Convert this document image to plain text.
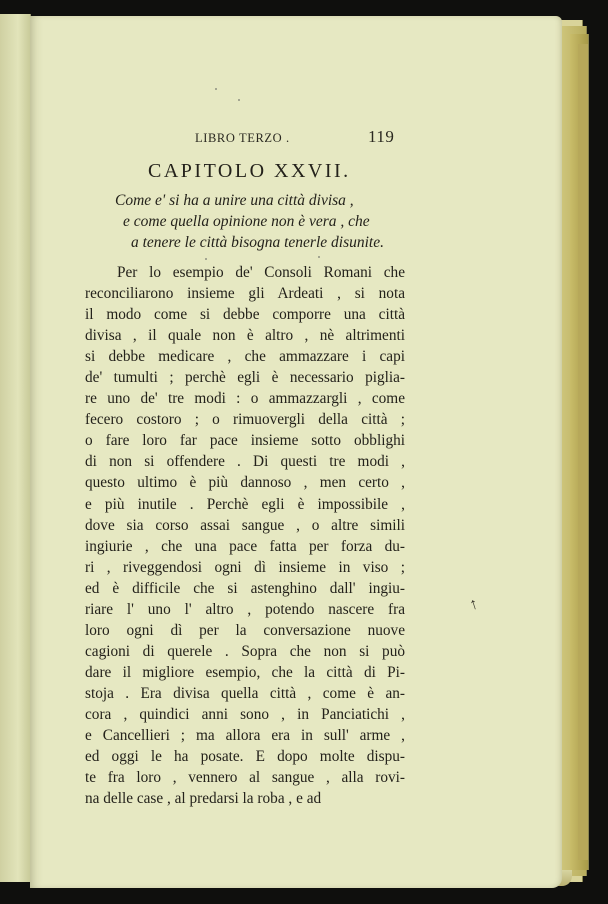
LIBRO TERZO .	119
CAPITOLO XXVII.
Come e' si ha a unire una città divisa ,
e come quella opinione non è vera , che
a tenere le città bisogna tenerle disunite.
Per lo esempio de' Consoli Romani che
reconciliarono insieme gli Ardeati , si nota
il modo come si debbe comporre una città
divisa , il quale non è altro , nè altrimenti
si debbe medicare , che ammazzare i capi
de' tumulti ; perchè egli è necessario piglia-
re uno de' tre modi : o ammazzargli , come
fecero costoro ; o rimuovergli della città ;
o fare loro far pace insieme sotto obblighi
di non si offendere . Di questi tre modi ,
questo ultimo è più dannoso , men certo ,
e più inutile . Perchè egli è impossibile ,
dove sia corso assai sangue , o altre simili
ingiurie , che una pace fatta per forza du-
ri , riveggendosi ogni dì insieme in viso ;
ed è difficile che si astenghino dall' ingiu-
riare l' uno l' altro , potendo nascere fra
loro ogni dì per la conversazione nuove
cagioni di querele . Sopra che non si può
dare il migliore esempio, che la città di Pi-
stoja . Era divisa quella città , come è an-
cora , quindici anni sono , in Panciatichi ,
e Cancellieri ; ma allora era in sull' arme ,
ed oggi le ha posate. E dopo molte dispu-
te fra loro , vennero al sangue , alla rovi-
na delle case , al predarsi la roba , e ad
↑
